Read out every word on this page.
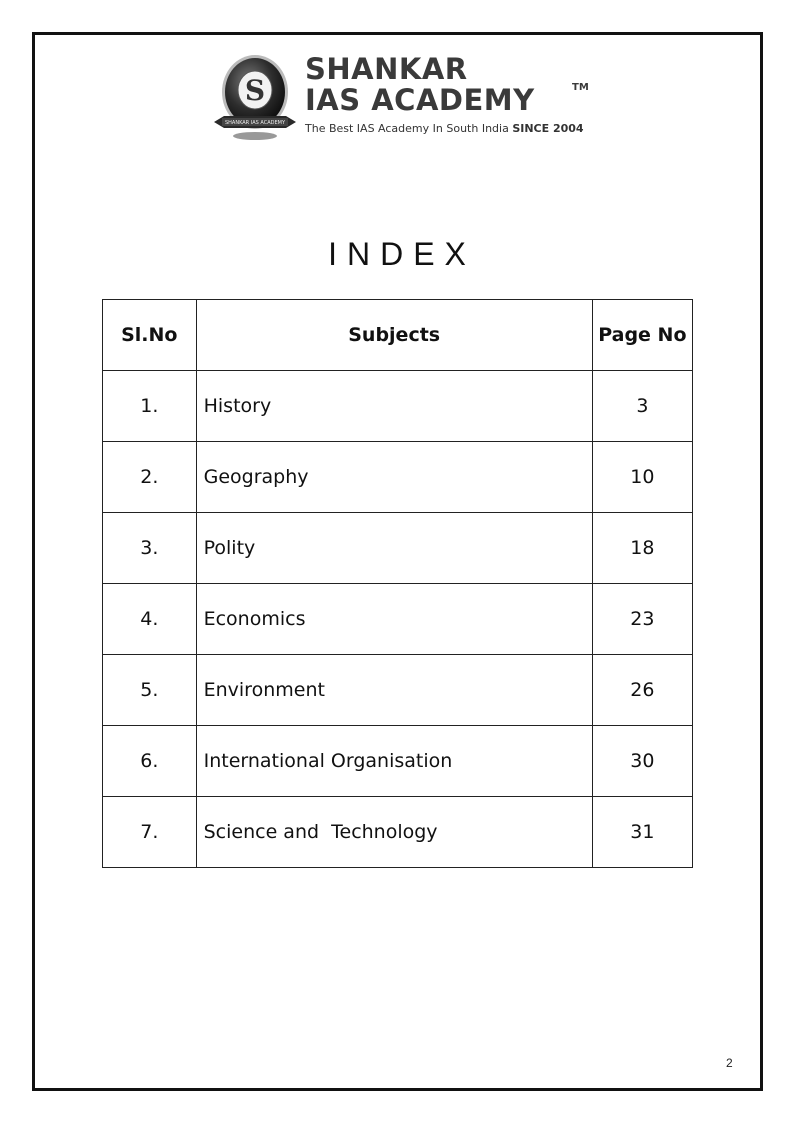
S
SHANKAR IAS ACADEMY
SHANKAR
IAS ACADEMY
The Best IAS Academy In South India SINCE 2004
TM
INDEX
Sl.No	Subjects	Page No
1.	History	3
2.	Geography	10
3.	Polity	18
4.	Economics	23
5.	Environment	26
6.	International Organisation	30
7.	Science and  Technology	31
2
